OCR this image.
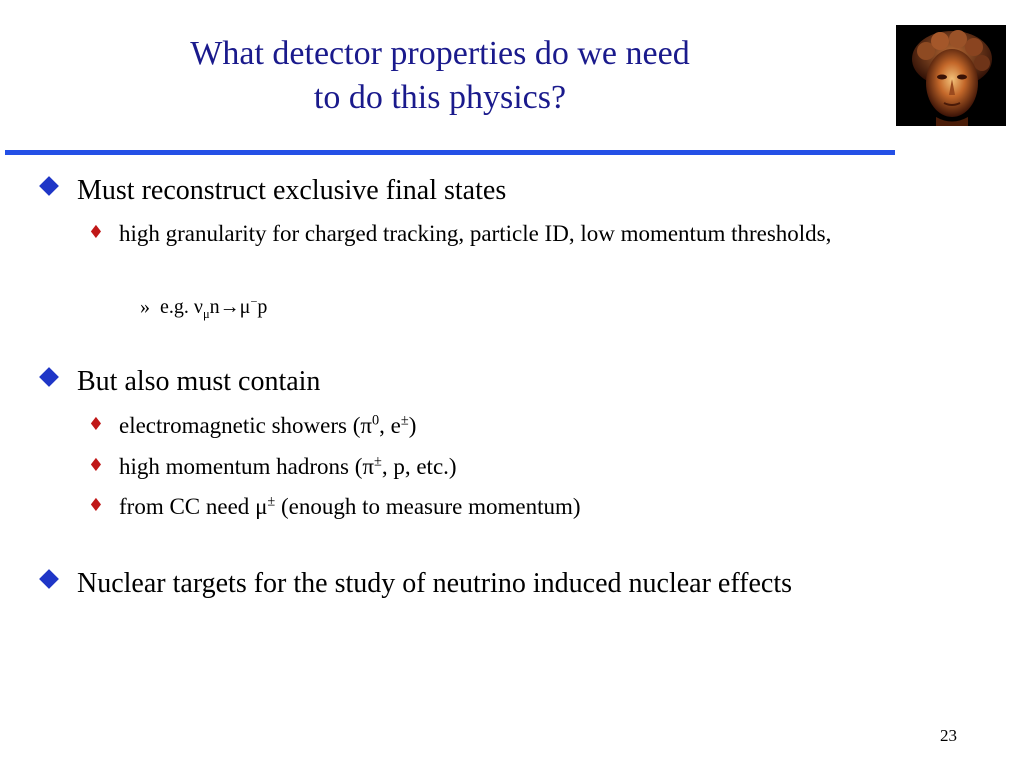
What detector properties do we need
to do this physics?
Must reconstruct exclusive final states
♦ high granularity for charged tracking, particle ID, low momentum thresholds,
» e.g. $\nu_\mu n\to\mu^-p$
But also must contain
♦ electromagnetic showers ($\pi^0$, e±)
♦ high momentum hadrons (π±, p, etc.)
♦ from CC need μ± (enough to measure momentum)
Nuclear targets for the study of neutrino induced nuclear effects
23
